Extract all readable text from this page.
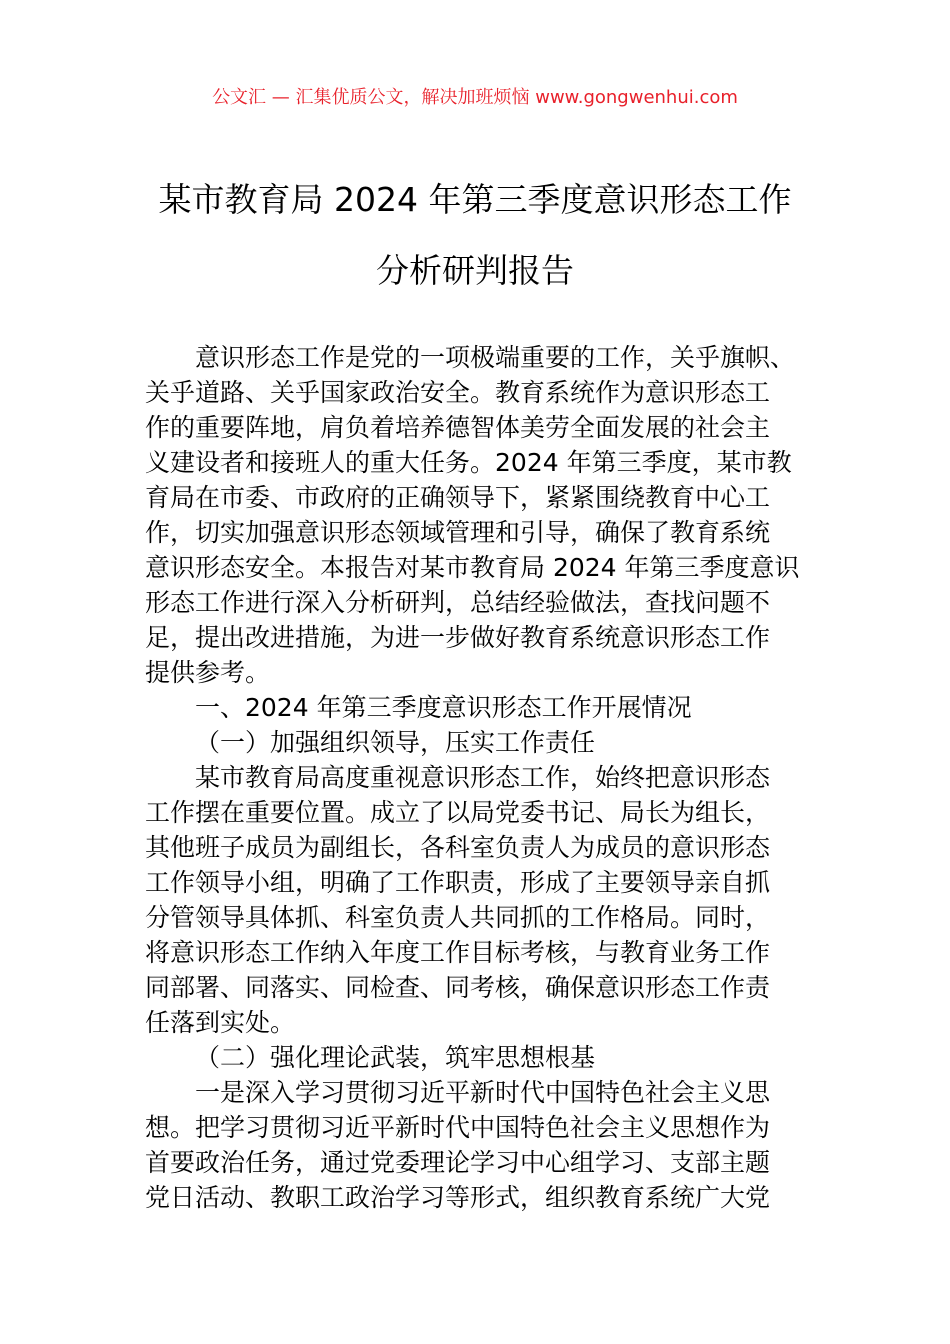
公文汇 — 汇集优质公文，解决加班烦恼 www.gongwenhui.com
某市教育局 2024 年第三季度意识形态工作
分析研判报告
意识形态工作是党的一项极端重要的工作，关乎旗帜、
关乎道路、关乎国家政治安全。教育系统作为意识形态工
作的重要阵地，肩负着培养德智体美劳全面发展的社会主
义建设者和接班人的重大任务。2024 年第三季度，某市教
育局在市委、市政府的正确领导下，紧紧围绕教育中心工
作，切实加强意识形态领域管理和引导，确保了教育系统
意识形态安全。本报告对某市教育局 2024 年第三季度意识
形态工作进行深入分析研判，总结经验做法，查找问题不
足，提出改进措施，为进一步做好教育系统意识形态工作
提供参考。
一、2024 年第三季度意识形态工作开展情况
（一）加强组织领导，压实工作责任
某市教育局高度重视意识形态工作，始终把意识形态
工作摆在重要位置。成立了以局党委书记、局长为组长，
其他班子成员为副组长，各科室负责人为成员的意识形态
工作领导小组，明确了工作职责，形成了主要领导亲自抓
分管领导具体抓、科室负责人共同抓的工作格局。同时，
将意识形态工作纳入年度工作目标考核，与教育业务工作
同部署、同落实、同检查、同考核，确保意识形态工作责
任落到实处。
（二）强化理论武装，筑牢思想根基
一是深入学习贯彻习近平新时代中国特色社会主义思
想。把学习贯彻习近平新时代中国特色社会主义思想作为
首要政治任务，通过党委理论学习中心组学习、支部主题
党日活动、教职工政治学习等形式，组织教育系统广大党
